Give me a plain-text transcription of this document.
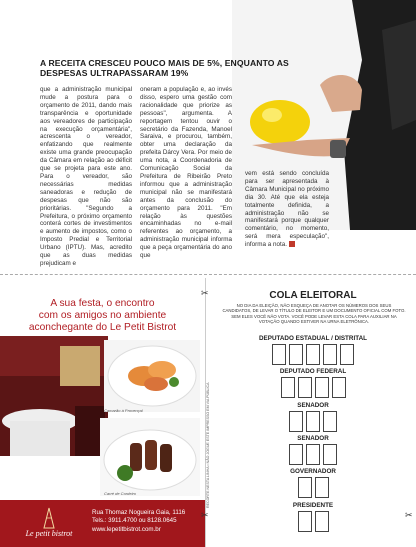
A RECEITA CRESCEU POUCO MAIS DE 5%, ENQUANTO AS DESPESAS ULTRAPASSARAM 19%
que a administração municipal mude a postura para o orçamento de 2011, dando mais transparência e oportunidade aos vereadores de participação na execução orçamentária", acrescenta o vereador, enfatizando que realmente existe uma grande preocupação da Câmara em relação ao déficit que se projeta para este ano. Para o vereador, são necessárias medidas saneadoras e redução de despesas que não são prioritárias. "Segundo a Prefeitura, o próximo orçamento conterá cortes de investimentos e aumento de impostos, como o Imposto Predial e Territorial Urbano (IPTU). Mas, acredito que as duas medidas prejudicam e
oneram a população e, ao invés disso, espero uma gestão com racionalidade que priorize as pessoas", argumenta. A reportagem tentou ouvir o secretário da Fazenda, Manoel Saraiva, e procurou, também, obter uma declaração da prefeita Dárcy Vera. Por meio de uma nota, a Coordenadoria de Comunicação Social da Prefeitura de Ribeirão Preto informou que a administração municipal não se manifestará antes da conclusão do orçamento para 2011. "Em relação às questões encaminhadas no e-mail referentes ao orçamento, a administração municipal informa que a peça orçamentária do ano que
vem está sendo concluída para ser apresentada à Câmara Municipal no próximo dia 30. Até que ela esteja totalmente definida, a administração não se manifestará porque qualquer comentário, no momento, será mera especulação", informa a nota.
A sua festa, o encontro
com os amigos no ambiente
aconchegante do Le Petit Bistrot
Camarão à Provençal
Carré de Cordeiro
Le petit bistrot
Rua Thomaz Nogueira Gaia, 1116
Tels.: 3911.4700 ou 8128.0645
www.lepetitbistrot.com.br
COLA ELEITORAL
NO DIA DA ELEIÇÃO, NÃO ESQUEÇA DE ANOTAR OS NÚMEROS DOS SEUS CANDIDATOS, DE LEVAR O TÍTULO DE ELEITOR E UM DOCUMENTO OFICIAL COM FOTO. SEM ELES VOCÊ NÃO VOTA. VOCÊ PODE LEVAR ESTA COLA PARA AUXILIAR NA VOTAÇÃO QUANDO ESTIVER NA URNA ELETRÔNICA.
DEPUTADO ESTADUAL / DISTRITAL
DEPUTADO FEDERAL
SENADOR
SENADOR
GOVERNADOR
PRESIDENTE
RECORTE NESTA LINHA • NÃO JOGUE ESTE IMPRESSO EM VIA PÚBLICA
✂
✂	✂
